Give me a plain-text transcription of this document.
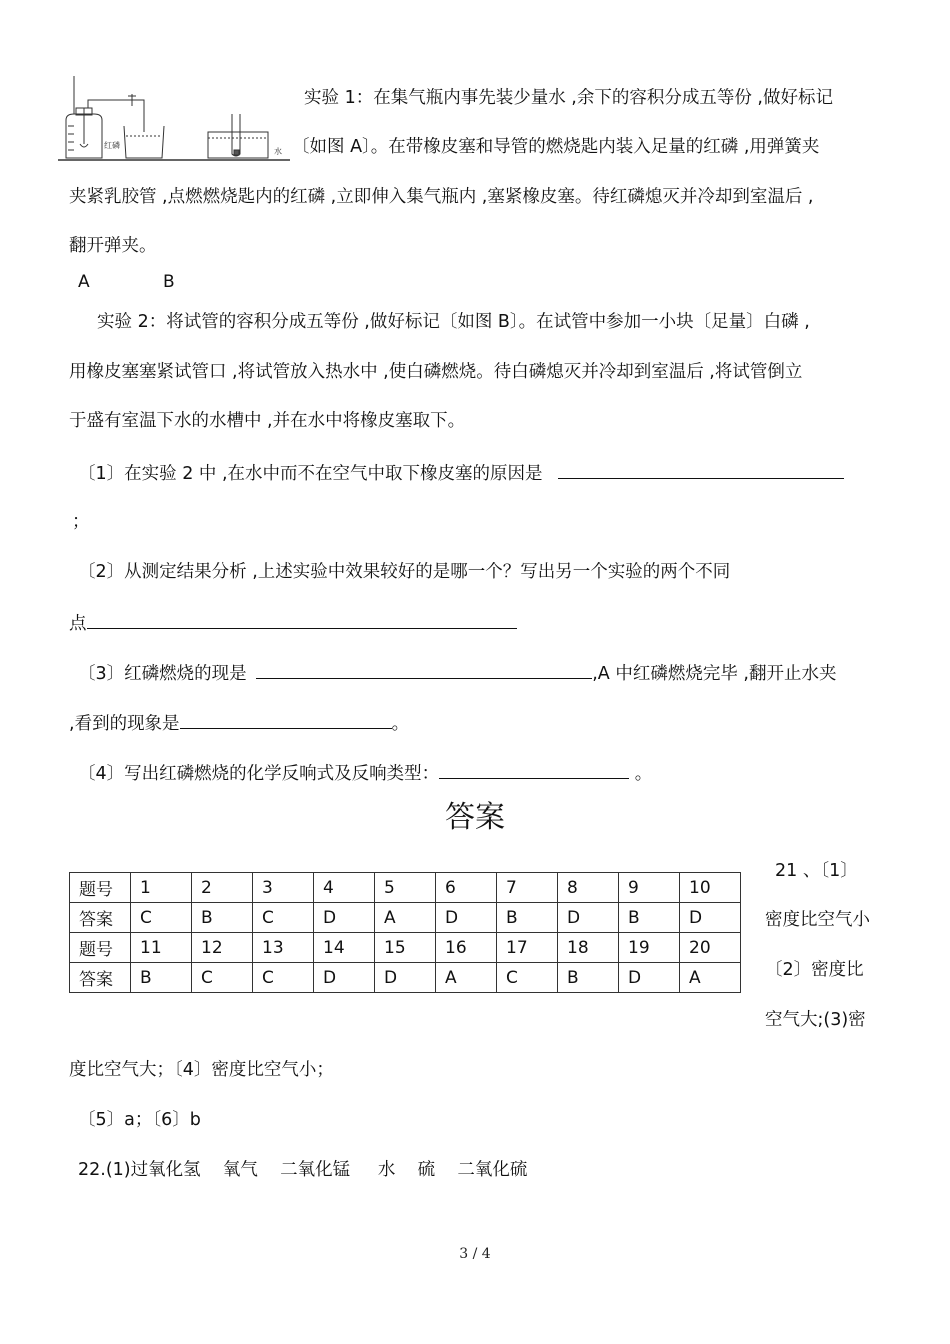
红磷
水
实验 1：在集气瓶内事先装少量水 ,余下的容积分成五等份 ,做好标记
〔如图 A〕。在带橡皮塞和导管的燃烧匙内装入足量的红磷 ,用弹簧夹
夹紧乳胶管 ,点燃燃烧匙内的红磷 ,立即伸入集气瓶内 ,塞紧橡皮塞。待红磷熄灭并冷却到室温后 ,
翻开弹夹。
A	B
实验 2：将试管的容积分成五等份 ,做好标记〔如图 B〕。在试管中参加一小块〔足量〕白磷 ,
用橡皮塞塞紧试管口 ,将试管放入热水中 ,使白磷燃烧。待白磷熄灭并冷却到室温后 ,将试管倒立
于盛有室温下水的水槽中 ,并在水中将橡皮塞取下。
〔1〕在实验 2 中 ,在水中而不在空气中取下橡皮塞的原因是
；
〔2〕从测定结果分析 ,上述实验中效果较好的是哪一个？写出另一个实验的两个不同
点
〔3〕红磷燃烧的现是	,A 中红磷燃烧完毕 ,翻开止水夹
,看到的现象是	。
〔4〕写出红磷燃烧的化学反响式及反响类型：	。
答案
题号	1	2	3	4	5	6	7	8	9	10
答案	C	B	C	D	A	D	B	D	B	D
题号	11	12	13	14	15	16	17	18	19	20
答案	B	C	C	D	D	A	C	B	D	A
21 、〔1〕
密度比空气小
〔2〕密度比
空气大;(3)密
度比空气大；〔4〕密度比空气小；
〔5〕a；〔6〕b
22.(1)过氧化氢    氧气    二氧化锰     水    硫    二氧化硫
3 / 4
